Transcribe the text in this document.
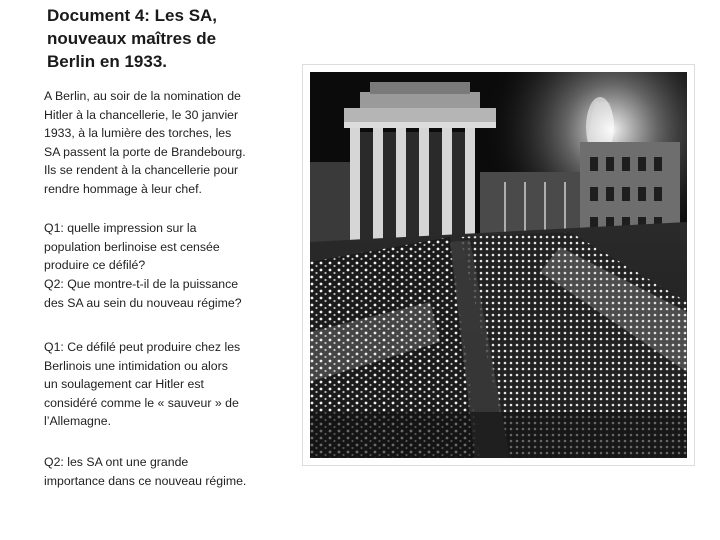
Document 4: Les SA,
nouveaux maîtres de
Berlin en 1933.

A Berlin, au soir de la nomination de

Hitler à la chancellerie, le 30 janvier

1933, à la lumière des torches, les

SA passent la porte de Brandebourg.

Ils se rendent à la chancellerie pour

rendre hommage à leur chef.

Q1: quelle impression sur la

population berlinoise est censée

produire ce défilé?

Q2: Que montre-t-il de la puissance

des SA au sein du nouveau régime?

Q1: Ce défilé peut produire chez les

Berlinois une intimidation ou alors

un soulagement car Hitler est

considéré comme le « sauveur » de

l’Allemagne.

Q2: les SA ont une grande

importance dans ce nouveau régime.
